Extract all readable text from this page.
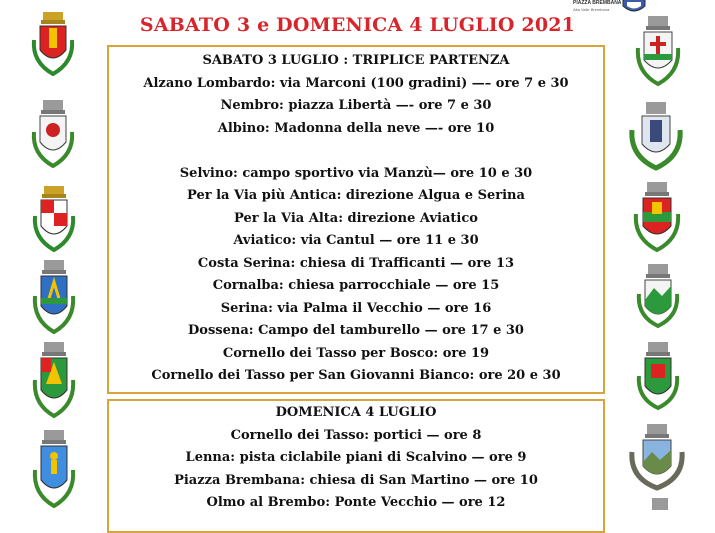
SABATO 3 e DOMENICA 4 LUGLIO 2021
PIAZZA BREMBANA
Alta Valle Brembana
SABATO 3 LUGLIO : TRIPLICE PARTENZA
Alzano Lombardo: via Marconi (100 gradini) —– ore 7 e 30
Nembro: piazza Libertà —- ore 7 e 30
Albino: Madonna della neve —- ore 10
Selvino: campo sportivo via Manzù— ore 10 e 30
Per la Via più Antica: direzione Algua e Serina
Per la Via Alta: direzione Aviatico
Aviatico: via Cantul — ore 11 e 30
Costa Serina: chiesa di Trafficanti — ore 13
Cornalba: chiesa parrocchiale — ore 15
Serina: via Palma il Vecchio — ore 16
Dossena: Campo del tamburello — ore 17 e 30
Cornello dei Tasso per Bosco: ore 19
Cornello dei Tasso per San Giovanni Bianco: ore 20 e 30
DOMENICA 4 LUGLIO
Cornello dei Tasso: portici — ore 8
Lenna: pista ciclabile piani di Scalvino — ore 9
Piazza Brembana: chiesa di San Martino — ore 10
Olmo al Brembo: Ponte Vecchio — ore 12
